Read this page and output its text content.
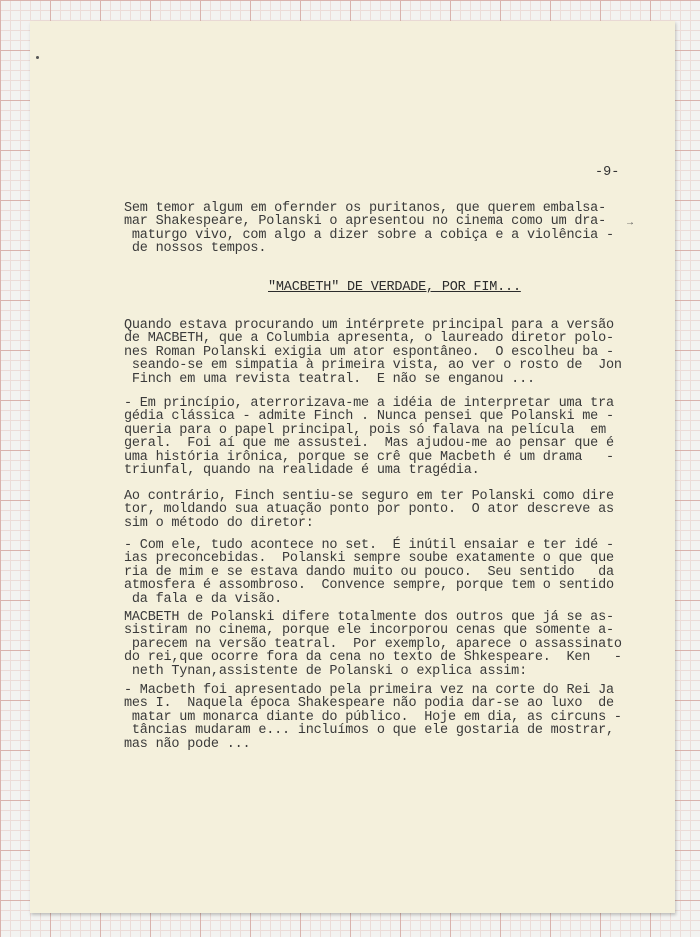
→
-9-

Sem temor algum em ofernder os puritanos, que querem embalsa-
mar Shakespeare, Polanski o apresentou no cinema como um dra-
maturgo vivo, com algo a dizer sobre a cobiça e a violência -
de nossos tempos.

"MACBETH" DE VERDADE, POR FIM...

Quando estava procurando um intérprete principal para a versão
de MACBETH, que a Columbia apresenta, o laureado diretor polo-
nes Roman Polanski exigia um ator espontâneo.  O escolheu ba -
seando-se em simpatia à primeira vista, ao ver o rosto de  Jon
Finch em uma revista teatral.  E não se enganou ...

- Em princípio, aterrorizava-me a idéia de interpretar uma tra
gédia clássica - admite Finch . Nunca pensei que Polanski me -
queria para o papel principal, pois só falava na película  em
geral.  Foi aí que me assustei.  Mas ajudou-me ao pensar que é
uma história irônica, porque se crê que Macbeth é um drama   -
triunfal, quando na realidade é uma tragédia.

Ao contrário, Finch sentiu-se seguro em ter Polanski como dire
tor, moldando sua atuação ponto por ponto.  O ator descreve as
sim o método do diretor:

- Com ele, tudo acontece no set.  É inútil ensaiar e ter idé -
ias preconcebidas.  Polanski sempre soube exatamente o que que
ria de mim e se estava dando muito ou pouco.  Seu sentido   da
atmosfera é assombroso.  Convence sempre, porque tem o sentido
da fala e da visão.

MACBETH de Polanski difere totalmente dos outros que já se as-
sistiram no cinema, porque ele incorporou cenas que somente a-
parecem na versão teatral.  Por exemplo, aparece o assassinato
do rei,que ocorre fora da cena no texto de Shkespeare.  Ken   -
neth Tynan,assistente de Polanski o explica assim:

- Macbeth foi apresentado pela primeira vez na corte do Rei Ja
mes I.  Naquela época Shakespeare não podia dar-se ao luxo  de
matar um monarca diante do público.  Hoje em dia, as circuns -
tâncias mudaram e... incluímos o que ele gostaria de mostrar,
mas não pode ...
